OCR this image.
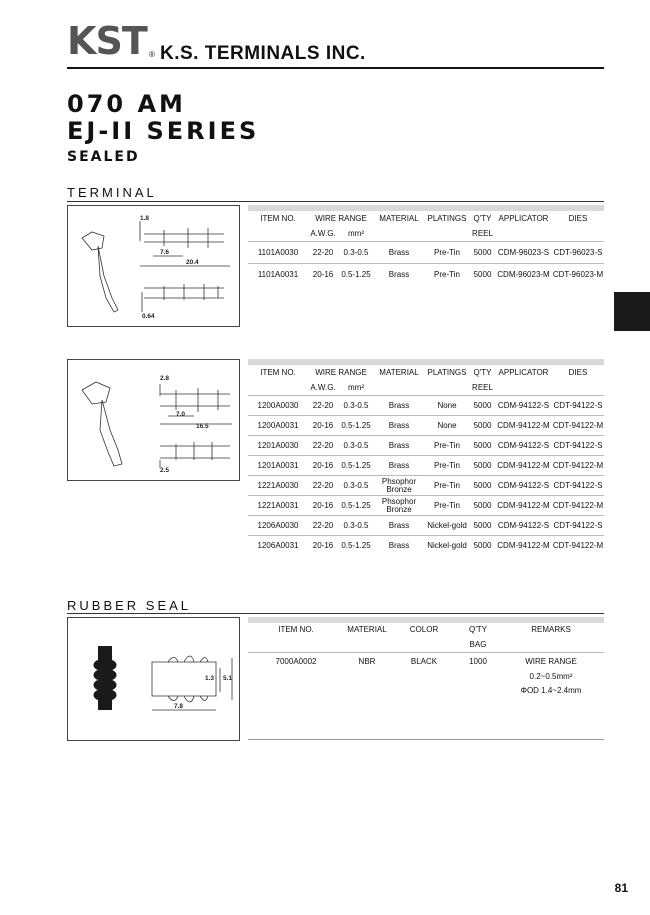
KST ® K.S. TERMINALS INC.
070 AM
EJ-II SERIES
SEALED
TERMINAL
1.8
7.6
20.4
0.64
ITEM NO.	WIRE RANGE		MATERIAL	PLATINGS	Q'TY	APPLICATOR	DIES
	A.W.G.	mm²			REEL		
1101A0030	22-20	0.3-0.5	Brass	Pre-Tin	5000	CDM-96023-S	CDT-96023-S
1101A0031	20-16	0.5-1.25	Brass	Pre-Tin	5000	CDM-96023-M	CDT-96023-M
2.8
7.0
16.5
2.5
ITEM NO.	WIRE RANGE		MATERIAL	PLATINGS	Q'TY	APPLICATOR	DIES
	A.W.G.	mm²			REEL		
1200A0030	22-20	0.3-0.5	Brass	None	5000	CDM-94122-S	CDT-94122-S
1200A0031	20-16	0.5-1.25	Brass	None	5000	CDM-94122-M	CDT-94122-M
1201A0030	22-20	0.3-0.5	Brass	Pre-Tin	5000	CDM-94122-S	CDT-94122-S
1201A0031	20-16	0.5-1.25	Brass	Pre-Tin	5000	CDM-94122-M	CDT-94122-M
1221A0030	22-20	0.3-0.5	Phsophor
Bronze	Pre-Tin	5000	CDM-94122-S	CDT-94122-S
1221A0031	20-16	0.5-1.25	Phsophor
Bronze	Pre-Tin	5000	CDM-94122-M	CDT-94122-M
1206A0030	22-20	0.3-0.5	Brass	Nickel-gold	5000	CDM-94122-S	CDT-94122-S
1206A0031	20-16	0.5-1.25	Brass	Nickel-gold	5000	CDM-94122-M	CDT-94122-M
RUBBER SEAL
1.3 5.1
7.8
ITEM NO.	MATERIAL	COLOR	Q'TY	REMARKS
			BAG	
7000A0002	NBR	BLACK	1000	WIRE RANGE
				0.2~0.5mm²
				ΦOD 1.4~2.4mm
81
